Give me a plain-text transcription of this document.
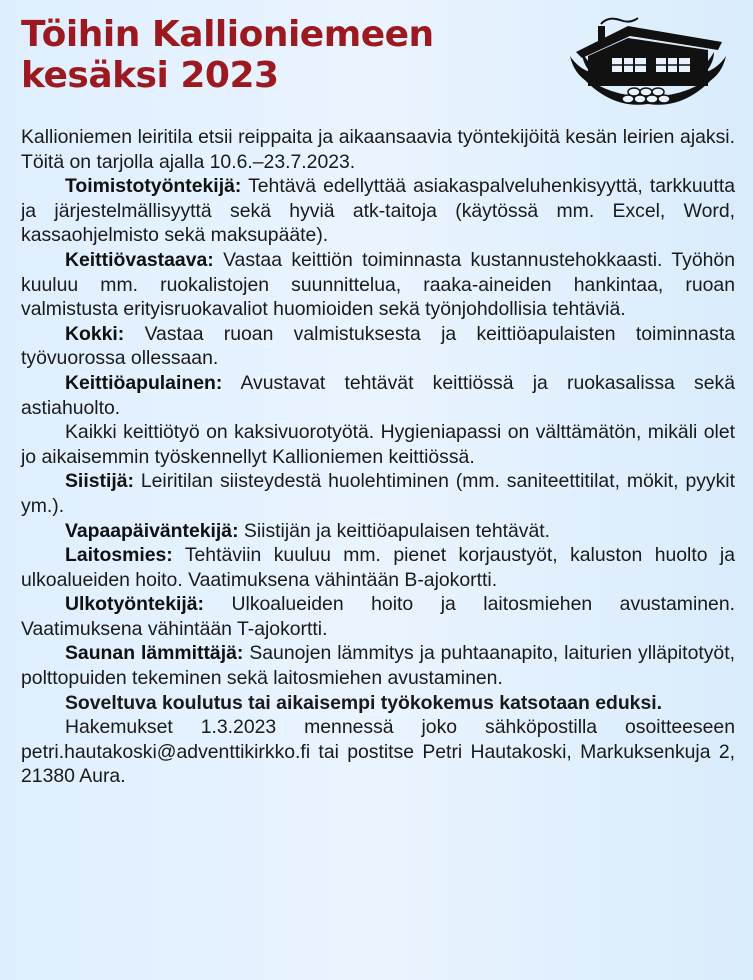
Töihin Kallioniemeen
kesäksi 2023

Kallioniemen leiritila etsii reippaita ja aikaansaavia työntekijöitä kesän leirien ajaksi. Töitä on tarjolla ajalla 10.6.–23.7.2023.

Toimistotyöntekijä: Tehtävä edellyttää asiakaspalveluhenkisyyttä, tarkkuutta ja järjestelmällisyyttä sekä hyviä atk-taitoja (käytössä mm. Excel, Word, kassaohjelmisto sekä maksupääte).

Keittiövastaava: Vastaa keittiön toiminnasta kustannustehokkaasti. Työhön kuuluu mm. ruokalistojen suunnittelua, raaka-aineiden hankintaa, ruoan valmistusta erityisruokavaliot huomioiden sekä työnjohdollisia tehtäviä.

Kokki: Vastaa ruoan valmistuksesta ja keittiöapulaisten toiminnasta työvuorossa ollessaan.

Keittiöapulainen: Avustavat tehtävät keittiössä ja ruokasalissa sekä astiahuolto.

Kaikki keittiötyö on kaksivuorotyötä. Hygieniapassi on välttämätön, mikäli olet jo aikaisemmin työskennellyt Kallioniemen keittiössä.

Siistijä: Leiritilan siisteydestä huolehtiminen (mm. saniteettitilat, mökit, pyykit ym.).

Vapaapäiväntekijä: Siistijän ja keittiöapulaisen tehtävät.

Laitosmies: Tehtäviin kuuluu mm. pienet korjaustyöt, kaluston huolto ja ulkoalueiden hoito. Vaatimuksena vähintään B-ajokortti.

Ulkotyöntekijä: Ulkoalueiden hoito ja laitosmiehen avustaminen. Vaatimuksena vähintään T-ajokortti.

Saunan lämmittäjä: Saunojen lämmitys ja puhtaanapito, laiturien ylläpitotyöt, polttopuiden tekeminen sekä laitosmiehen avustaminen.

Soveltuva koulutus tai aikaisempi työkokemus katsotaan eduksi.

Hakemukset 1.3.2023 mennessä joko sähköpostilla osoitteeseen petri.hautakoski@adventtikirkko.fi tai postitse Petri Hautakoski, Markuksenkuja 2, 21380 Aura.
